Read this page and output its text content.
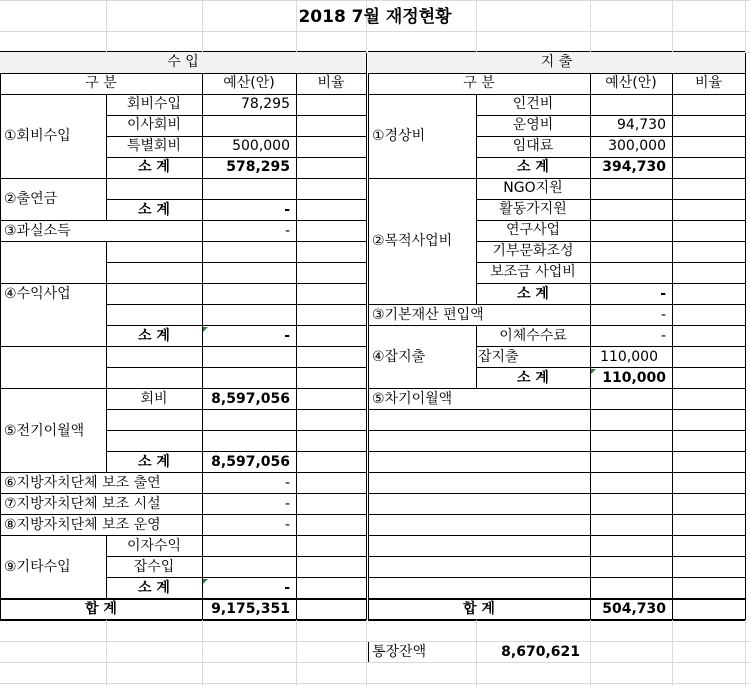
2018 7월 재정현황
수 입
구 분	예산(안)	비율
①회비수입
회비수입	78,295
이사회비
특별회비	500,000
소 계	578,295
②출연금
소 계	-
③과실소득	-
④수익사업
소 계	-
⑤전기이월액
회비	8,597,056
소 계	8,597,056
⑥지방자치단체 보조 출연	-
⑦지방자치단체 보조 시설	-
⑧지방자치단체 보조 운영	-
⑨기타수입
이자수익
잡수입
소 계	-
합 계	9,175,351
지 출
구 분	예산(안)	비율
①경상비
인건비
운영비	94,730
임대료	300,000
소 계	394,730
②목적사업비
NGO지원
활동가지원
연구사업
기부문화조성
보조금 사업비
소 계	-
③기본재산 편입액	-
④잡지출
이체수수료	-
잡지출	110,000
소 계	110,000
⑤차기이월액
합 계	504,730
통장잔액	8,670,621
